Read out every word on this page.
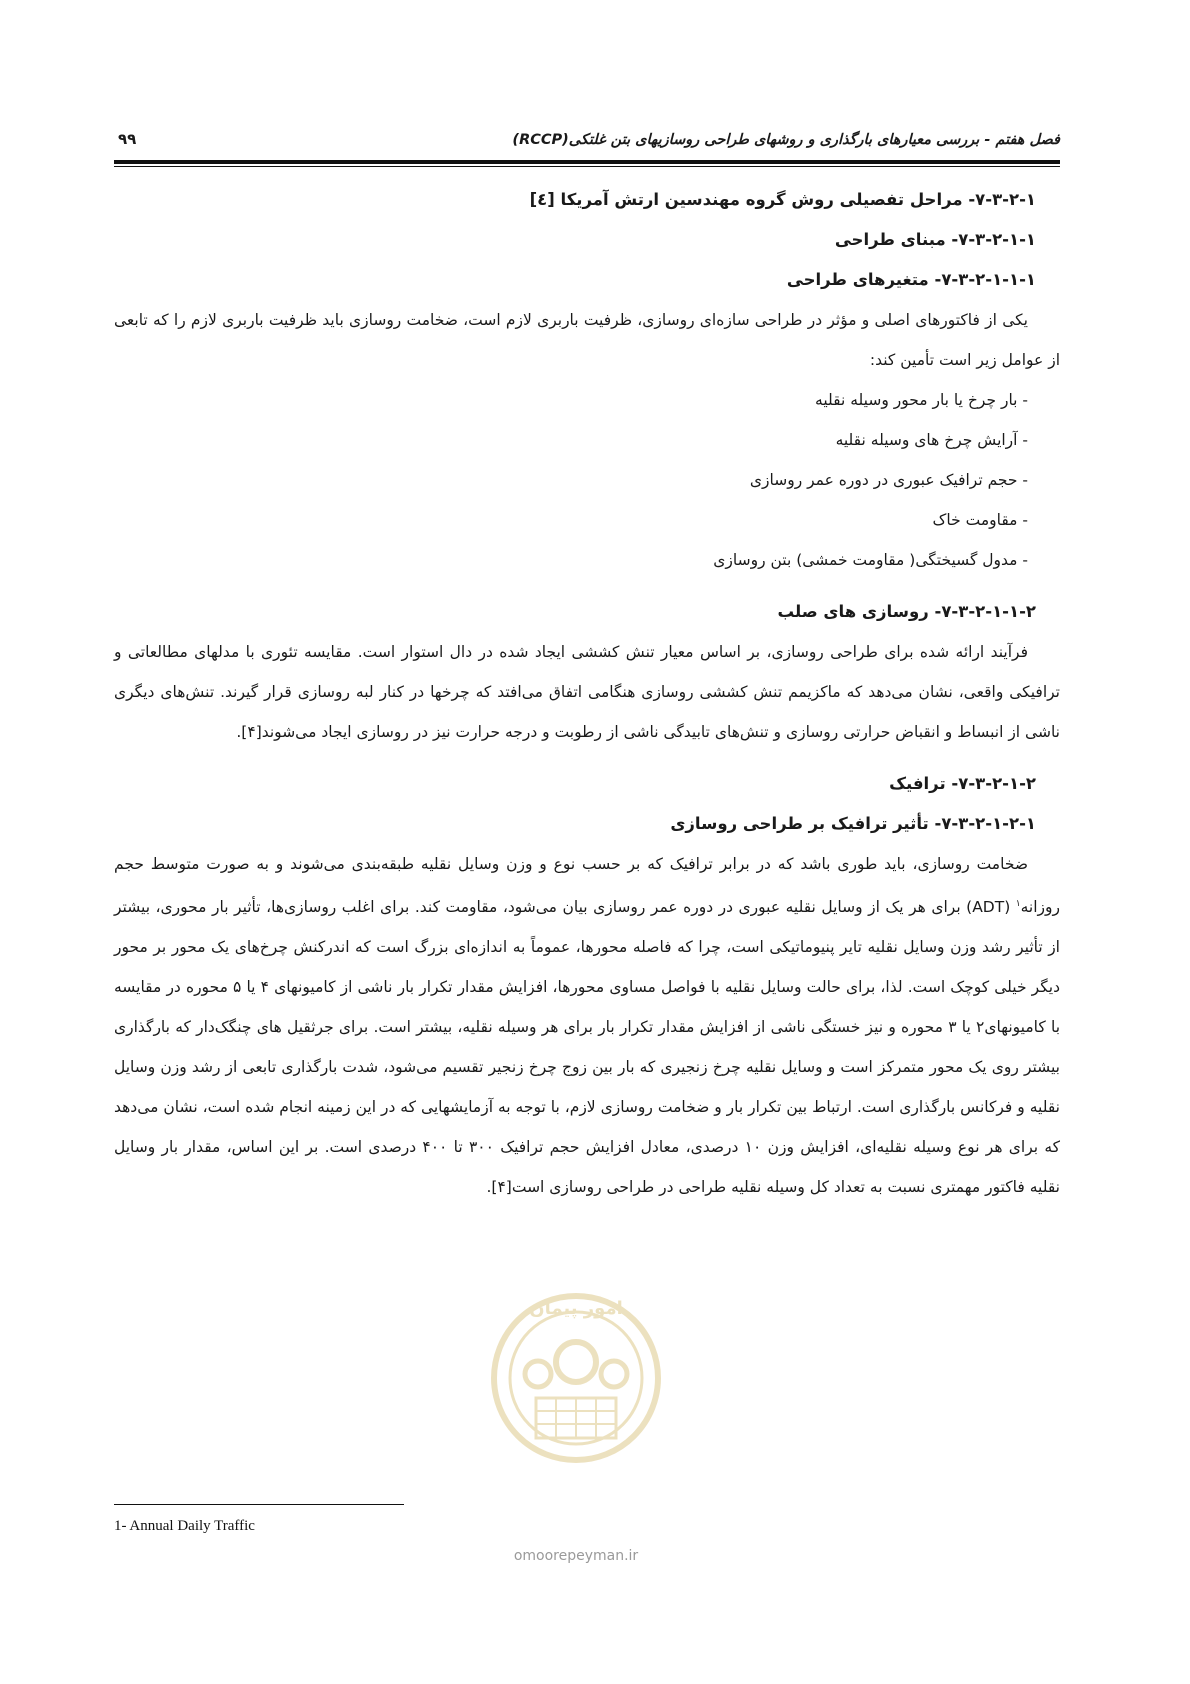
فصل هفتم - بررسی معیارهای بارگذاری و روشهای طراحی روسازیهای بتن غلتکی(RCCP)
۹۹
۷-۳-۲-۱- مراحل تفصیلی روش گروه مهندسین ارتش آمریکا [٤]
۷-۳-۲-۱-۱- مبنای طراحی
۷-۳-۲-۱-۱-۱- متغیرهای طراحی

یکی از فاکتورهای اصلی و مؤثر در طراحی سازه‌ای روسازی، ظرفیت باربری لازم است، ضخامت روسازی باید ظرفیت باربری لازم را که تابعی از عوامل زیر است تأمین کند:

- بار چرخ یا بار محور وسیله نقلیه
- آرایش چرخ های وسیله نقلیه
- حجم ترافیک عبوری در دوره عمر روسازی
- مقاومت خاک
- مدول گسیختگی( مقاومت خمشی) بتن روسازی
۷-۳-۲-۱-۱-۲- روسازی های صلب

فرآیند ارائه شده برای طراحی روسازی، بر اساس معیار تنش کششی ایجاد شده در دال استوار است. مقایسه تئوری با مدلهای مطالعاتی و ترافیکی واقعی، نشان می‌دهد که ماکزیمم تنش کششی روسازی هنگامی اتفاق می‌افتد که چرخها در کنار لبه روسازی قرار گیرند. تنش‌های دیگری ناشی از انبساط و انقباض حرارتی روسازی و تنش‌های تابیدگی ناشی از رطوبت و درجه حرارت نیز در روسازی ایجاد می‌شوند[۴].

۷-۳-۲-۱-۲- ترافیک
۷-۳-۲-۱-۲-۱- تأثیر ترافیک بر طراحی روسازی

ضخامت روسازی، باید طوری باشد که در برابر ترافیک که بر حسب نوع و وزن وسایل نقلیه طبقه‌بندی می‌شوند و به صورت متوسط حجم روزانه$^۱$ (ADT) برای هر یک از وسایل نقلیه عبوری در دوره عمر روسازی بیان می‌شود، مقاومت کند. برای اغلب روسازی‌ها، تأثیر بار محوری، بیشتر از تأثیر رشد وزن وسایل نقلیه تایر پنیوماتیکی است، چرا که فاصله محورها، عموماً به اندازه‌ای بزرگ است که اندرکنش چرخ‌های یک محور بر محور دیگر خیلی کوچک است. لذا، برای حالت وسایل نقلیه با فواصل مساوی محورها، افزایش مقدار تکرار بار ناشی از کامیونهای ۴ یا ۵ محوره در مقایسه با کامیونهای۲ یا ۳ محوره و نیز خستگی ناشی از افزایش مقدار تکرار بار برای هر وسیله نقلیه، بیشتر است. برای جرثقیل های چنگک‌دار که بارگذاری بیشتر روی یک محور متمرکز است و وسایل نقلیه چرخ زنجیری که بار بین زوج چرخ زنجیر تقسیم می‌شود، شدت بارگذاری تابعی از رشد وزن وسایل نقلیه و فرکانس بارگذاری است. ارتباط بین تکرار بار و ضخامت روسازی لازم، با توجه به آزمایشهایی که در این زمینه انجام شده است، نشان می‌دهد که برای هر نوع وسیله نقلیه‌ای، افزایش وزن ۱۰ درصدی، معادل افزایش حجم ترافیک ۳۰۰ تا ۴۰۰ درصدی است. بر این اساس، مقدار بار وسایل نقلیه فاکتور مهمتری نسبت به تعداد کل وسیله نقلیه طراحی در طراحی روسازی است[۴].

امور پیمان
omoorepeyman.ir
1- Annual Daily Traffic
